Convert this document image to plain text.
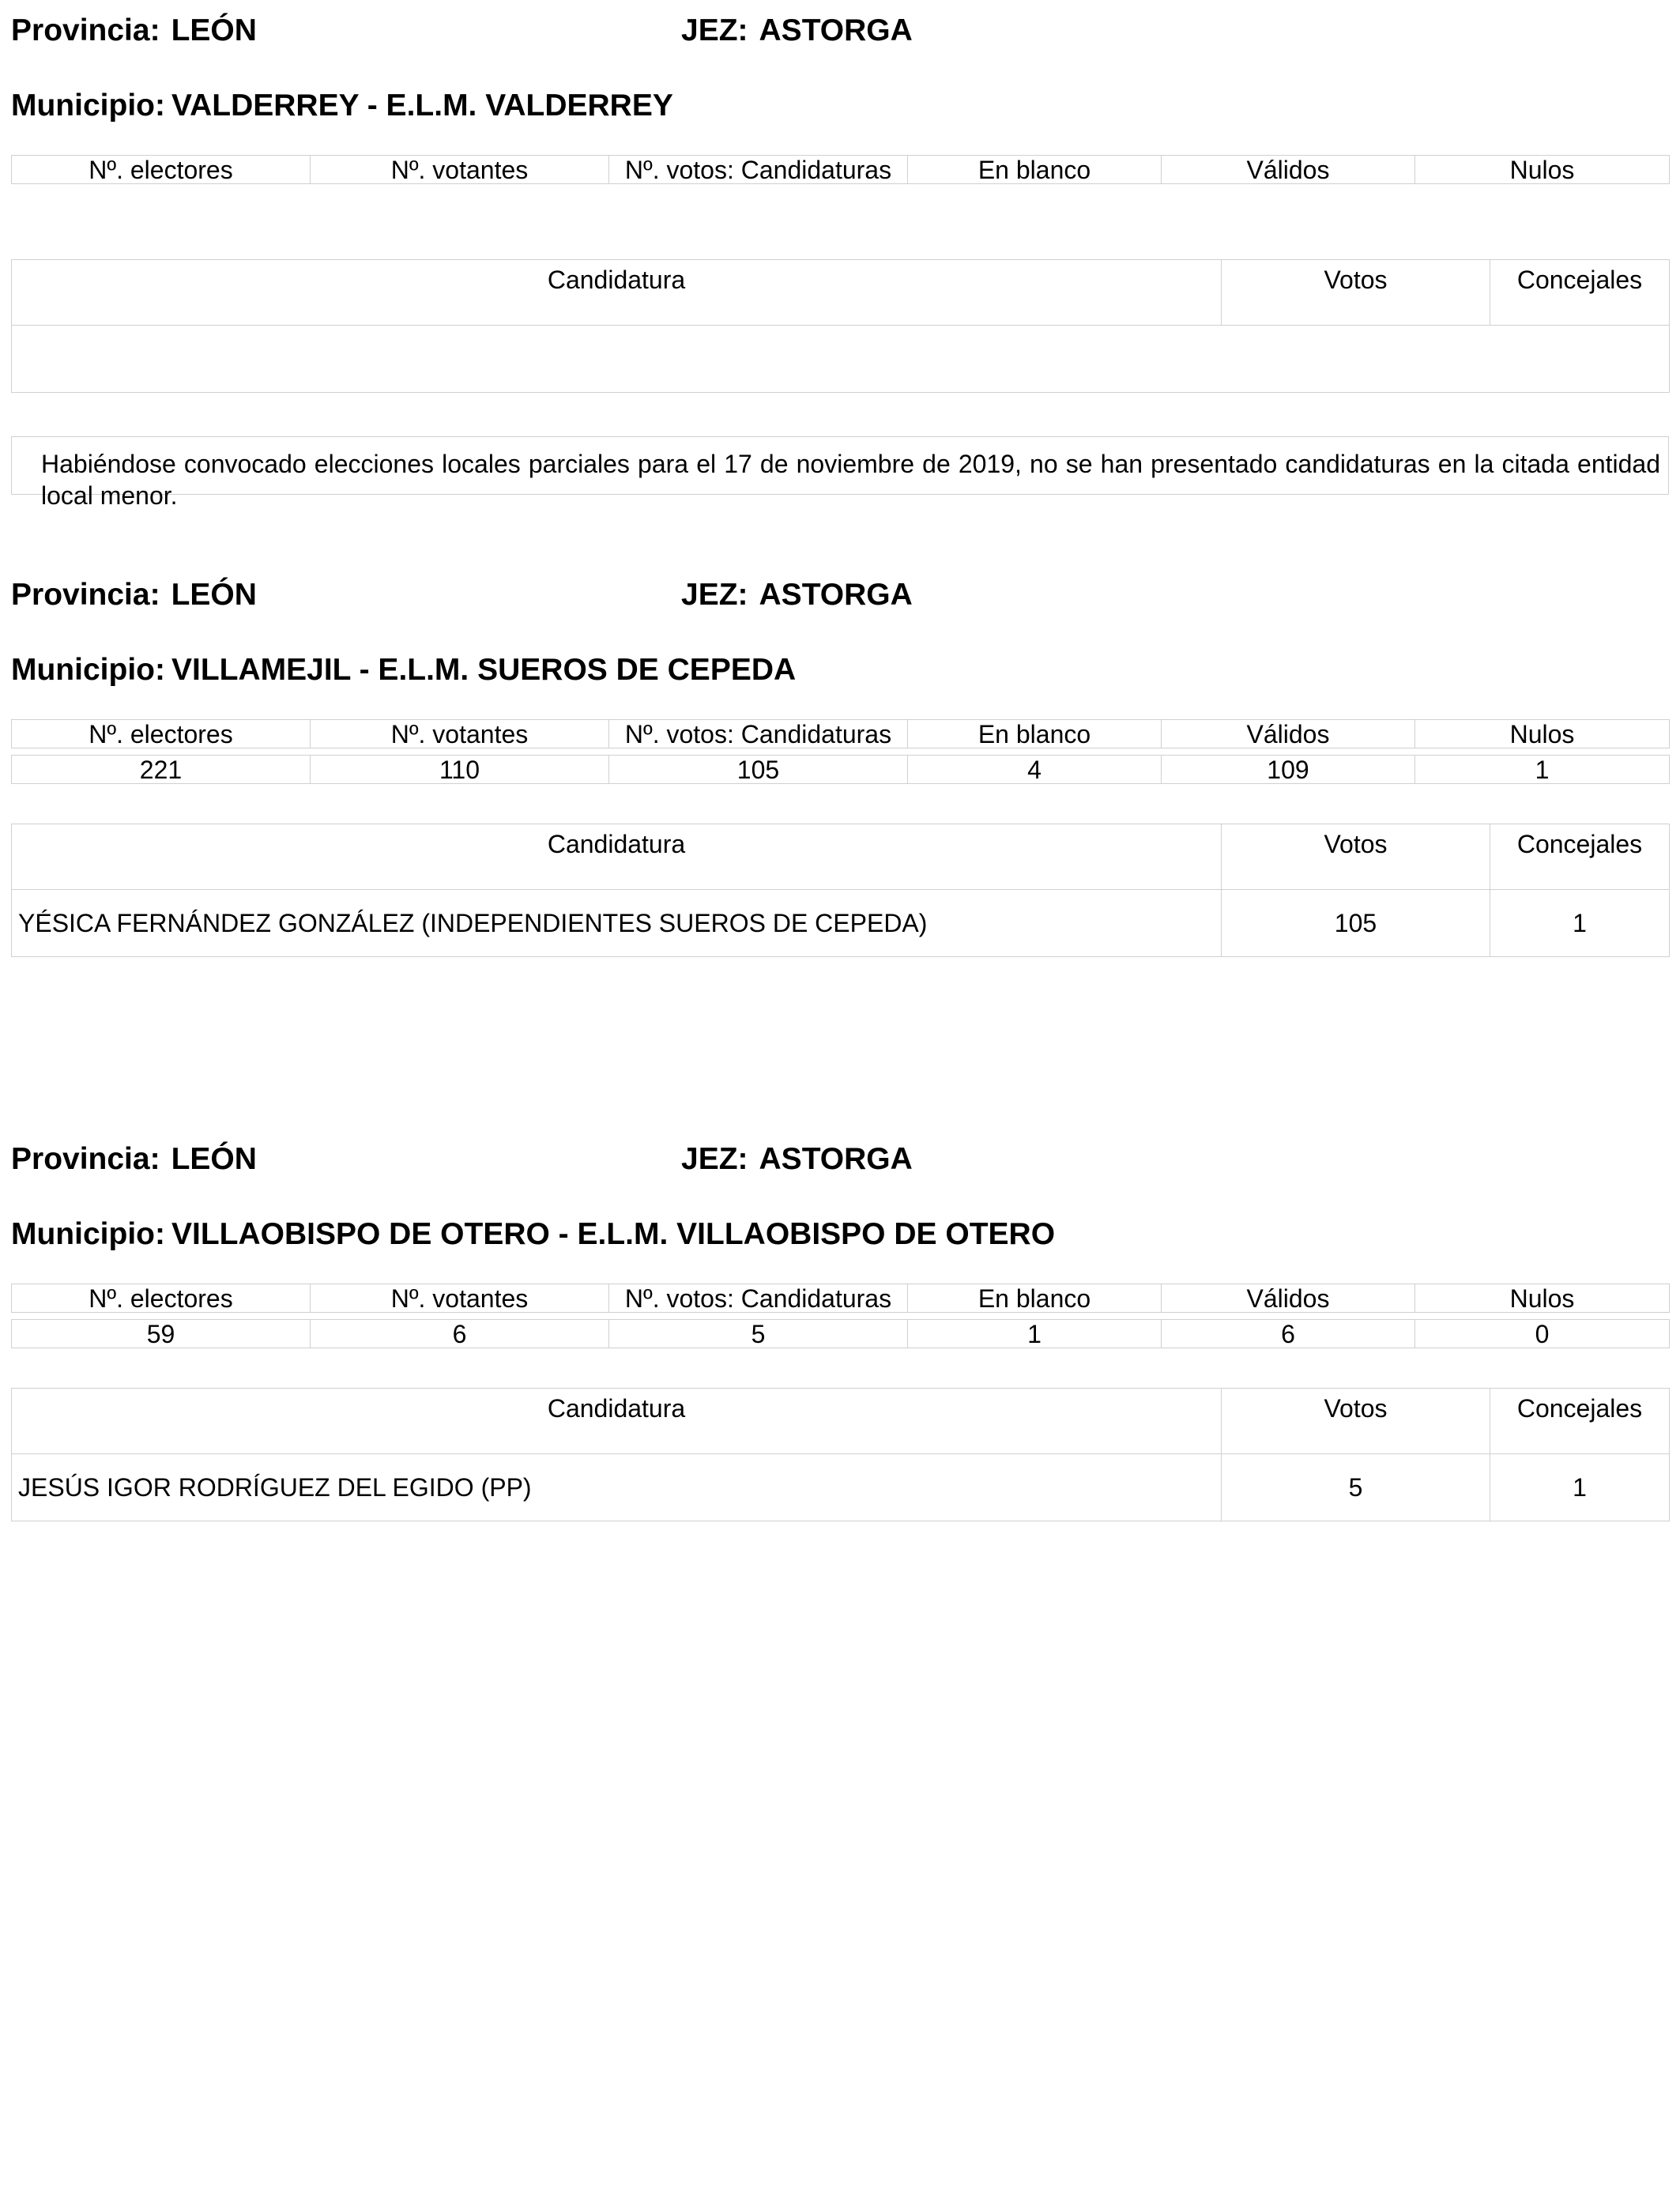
Provincia: LEÓN	JEZ: ASTORGA
Municipio: VALDERREY - E.L.M. VALDERREY
Nº. electores	Nº. votantes	Nº. votos: Candidaturas	En blanco	Válidos	Nulos
Candidatura	Votos	Concejales

Habiéndose convocado elecciones locales parciales para el 17 de noviembre de 2019, no se han presentado candidaturas en la citada entidad local menor.
Provincia: LEÓN	JEZ: ASTORGA
Municipio: VILLAMEJIL - E.L.M. SUEROS DE CEPEDA
Nº. electores	Nº. votantes	Nº. votos: Candidaturas	En blanco	Válidos	Nulos

221	110	105	4	109	1
Candidatura	Votos	Concejales
YÉSICA FERNÁNDEZ GONZÁLEZ (INDEPENDIENTES SUEROS DE CEPEDA)	105	1
Provincia: LEÓN	JEZ: ASTORGA
Municipio: VILLAOBISPO DE OTERO - E.L.M. VILLAOBISPO DE OTERO
Nº. electores	Nº. votantes	Nº. votos: Candidaturas	En blanco	Válidos	Nulos

59	6	5	1	6	0
Candidatura	Votos	Concejales
JESÚS IGOR RODRÍGUEZ DEL EGIDO (PP)	5	1
